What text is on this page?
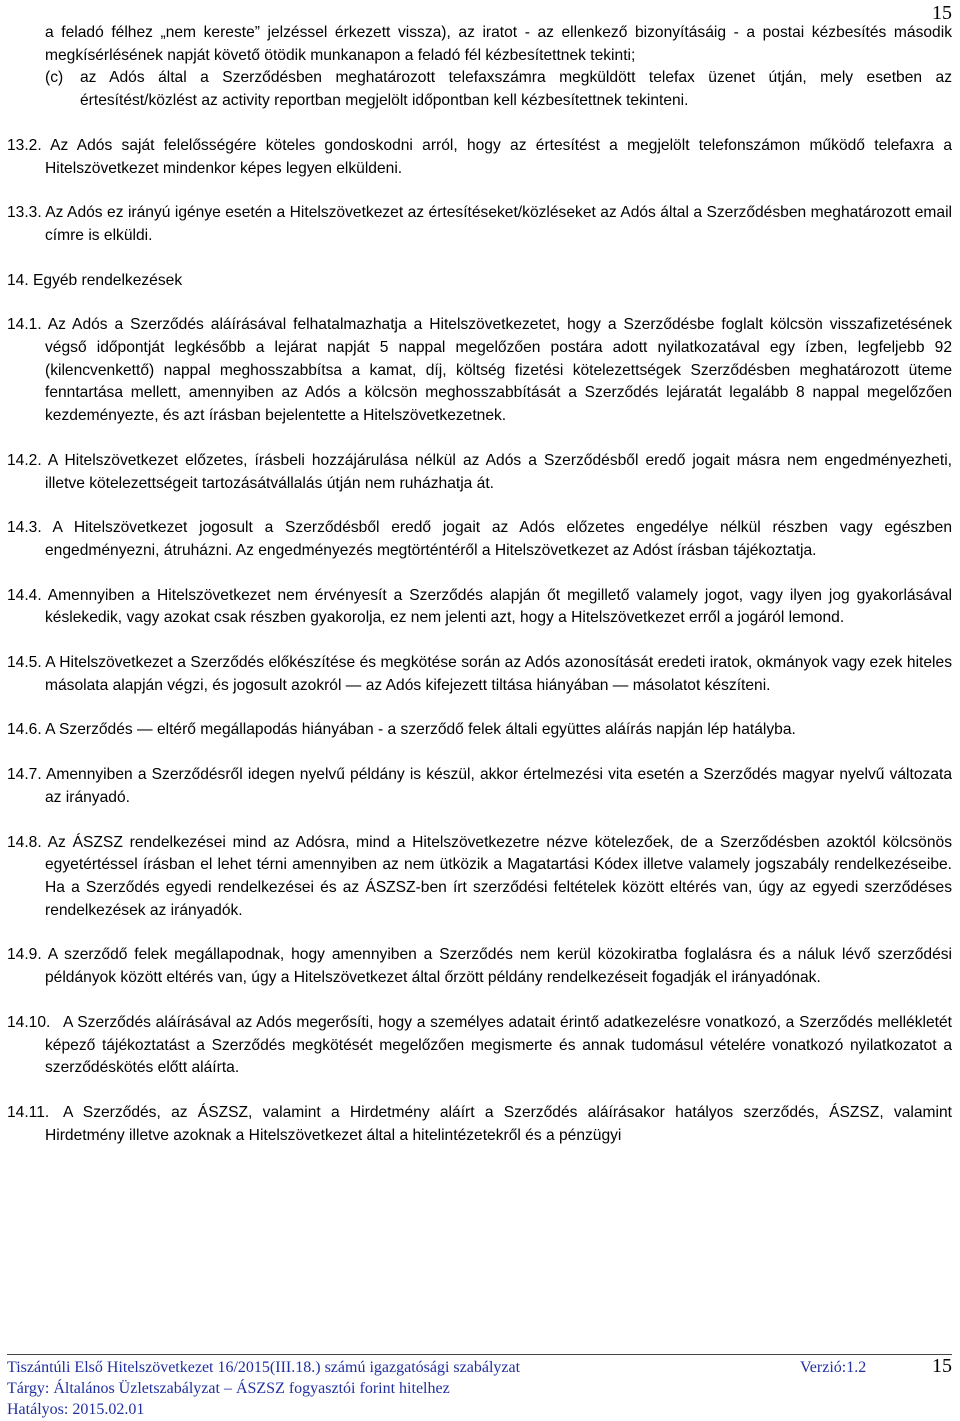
15

a feladó félhez „nem kereste” jelzéssel érkezett vissza), az iratot - az ellenkező bizonyításáig - a postai kézbesítés második megkísérlésének napját követő ötödik munkanapon a feladó fél kézbesítettnek tekinti;

(c) az Adós által a Szerződésben meghatározott telefaxszámra megküldött telefax üzenet útján, mely esetben az értesítést/közlést az activity reportban megjelölt időpontban kell kézbesítettnek tekinteni.

13.2. Az Adós saját felelősségére köteles gondoskodni arról, hogy az értesítést a megjelölt telefonszámon működő telefaxra a Hitelszövetkezet mindenkor képes legyen elküldeni.

13.3. Az Adós ez irányú igénye esetén a Hitelszövetkezet az értesítéseket/közléseket az Adós által a Szerződésben meghatározott email címre is elküldi.

14. Egyéb rendelkezések

14.1. Az Adós a Szerződés aláírásával felhatalmazhatja a Hitelszövetkezetet, hogy a Szerződésbe foglalt kölcsön visszafizetésének végső időpontját legkésőbb a lejárat napját 5 nappal megelőzően postára adott nyilatkozatával egy ízben, legfeljebb 92 (kilencvenkettő) nappal meghosszabbítsa a kamat, díj, költség fizetési kötelezettségek Szerződésben meghatározott üteme fenntartása mellett, amennyiben az Adós a kölcsön meghosszabbítását a Szerződés lejáratát legalább 8 nappal megelőzően kezdeményezte, és azt írásban bejelentette a Hitelszövetkezetnek.

14.2. A Hitelszövetkezet előzetes, írásbeli hozzájárulása nélkül az Adós a Szerződésből eredő jogait másra nem engedményezheti, illetve kötelezettségeit tartozásátvállalás útján nem ruházhatja át.

14.3. A Hitelszövetkezet jogosult a Szerződésből eredő jogait az Adós előzetes engedélye nélkül részben vagy egészben engedményezni, átruházni. Az engedményezés megtörténtéről a Hitelszövetkezet az Adóst írásban tájékoztatja.

14.4. Amennyiben a Hitelszövetkezet nem érvényesít a Szerződés alapján őt megillető valamely jogot, vagy ilyen jog gyakorlásával késlekedik, vagy azokat csak részben gyakorolja, ez nem jelenti azt, hogy a Hitelszövetkezet erről a jogáról lemond.

14.5. A Hitelszövetkezet a Szerződés előkészítése és megkötése során az Adós azonosítását eredeti iratok, okmányok vagy ezek hiteles másolata alapján végzi, és jogosult azokról — az Adós kifejezett tiltása hiányában — másolatot készíteni.

14.6. A Szerződés — eltérő megállapodás hiányában - a szerződő felek általi együttes aláírás napján lép hatályba.

14.7. Amennyiben a Szerződésről idegen nyelvű példány is készül, akkor értelmezési vita esetén a Szerződés magyar nyelvű változata az irányadó.

14.8. Az ÁSZSZ rendelkezései mind az Adósra, mind a Hitelszövetkezetre nézve kötelezőek, de a Szerződésben azoktól kölcsönös egyetértéssel írásban el lehet térni amennyiben az nem ütközik a Magatartási Kódex illetve valamely jogszabály rendelkezéseibe. Ha a Szerződés egyedi rendelkezései és az ÁSZSZ-ben írt szerződési feltételek között eltérés van, úgy az egyedi szerződéses rendelkezések az irányadók.

14.9. A szerződő felek megállapodnak, hogy amennyiben a Szerződés nem kerül közokiratba foglalásra és a náluk lévő szerződési példányok között eltérés van, úgy a Hitelszövetkezet által őrzött példány rendelkezéseit fogadják el irányadónak.

14.10. A Szerződés aláírásával az Adós megerősíti, hogy a személyes adatait érintő adatkezelésre vonatkozó, a Szerződés mellékletét képező tájékoztatást a Szerződés megkötését megelőzően megismerte és annak tudomásul vételére vonatkozó nyilatkozatot a szerződéskötés előtt aláírta.

14.11. A Szerződés, az ÁSZSZ, valamint a Hirdetmény aláírt a Szerződés aláírásakor hatályos szerződés, ÁSZSZ, valamint Hirdetmény illetve azoknak a Hitelszövetkezet által a hitelintézetekről és a pénzügyi

Tiszántúli Első Hitelszövetkezet 16/2015(III.18.) számú igazgatósági szabályzat	Verzió:1.2	15
Tárgy: Általános Üzletszabályzat – ÁSZSZ fogyasztói forint hitelhez
Hatályos: 2015.02.01
